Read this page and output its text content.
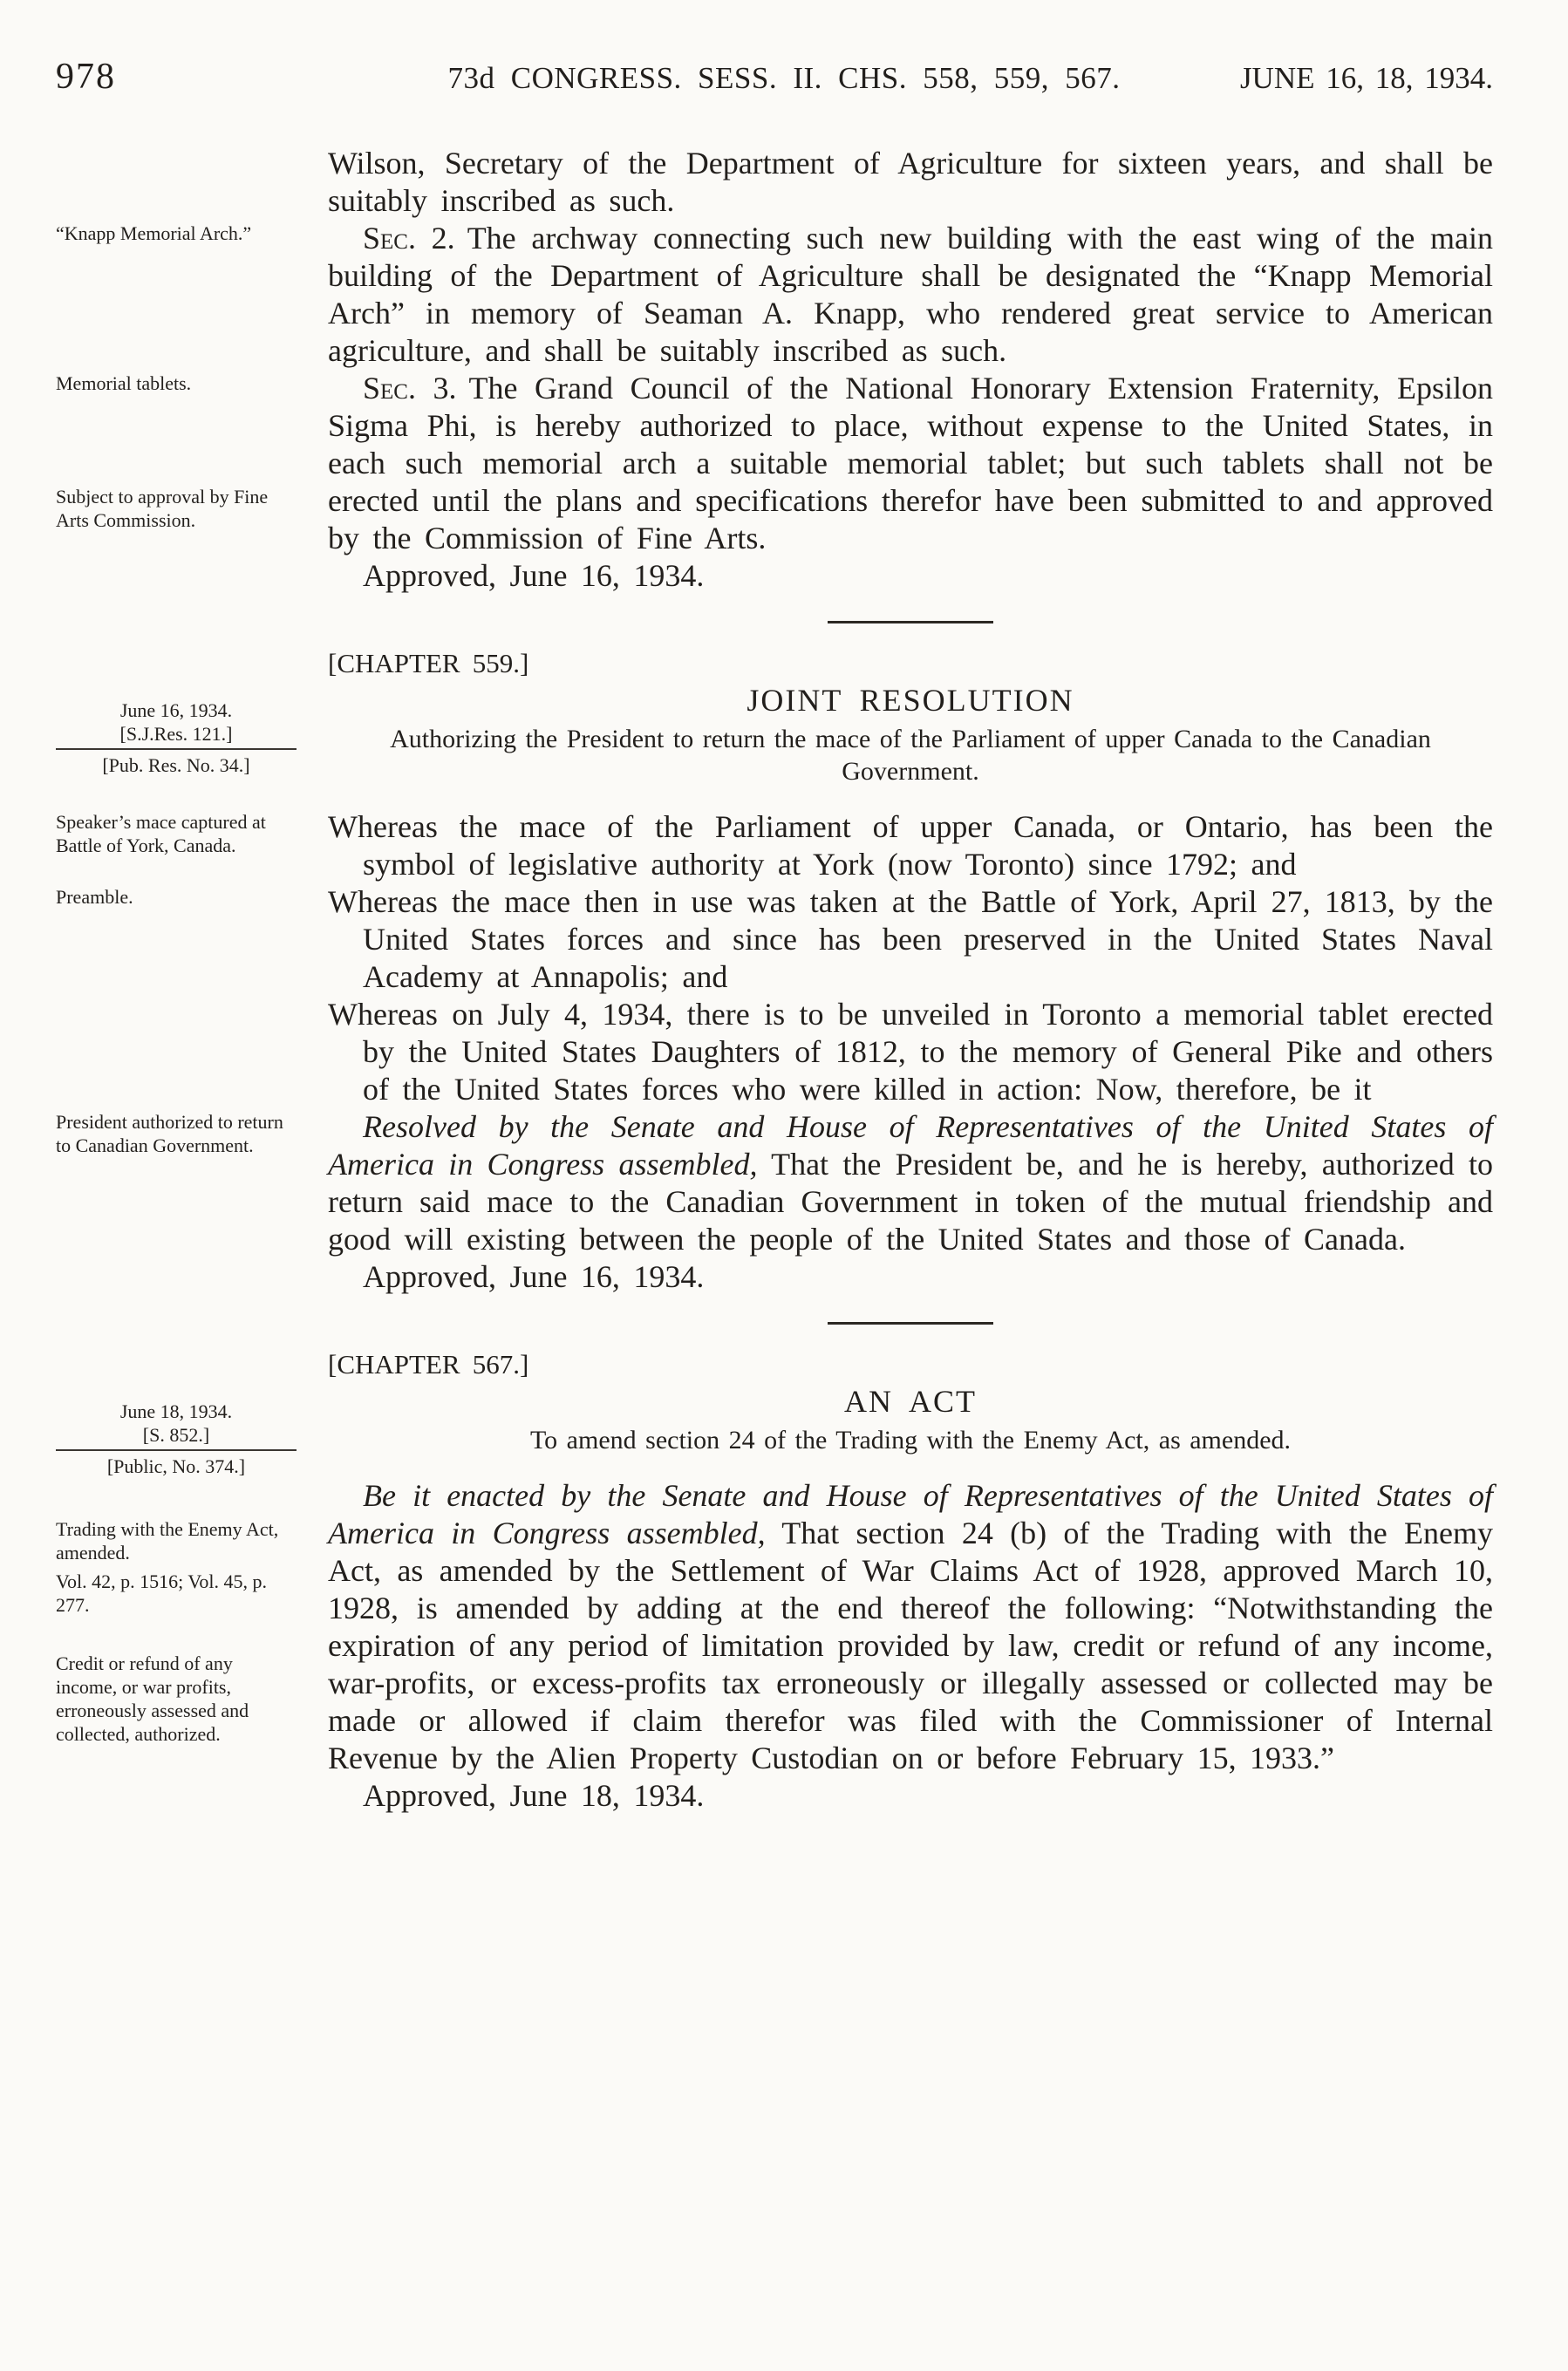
978	73d CONGRESS. SESS. II. CHS. 558, 559, 567.	JUNE 16, 18, 1934.

Wilson, Secretary of the Department of Agriculture for sixteen years, and shall be suitably inscribed as such.

“Knapp Memorial Arch.”	Sec. 2. The archway connecting such new building with the east wing of the main building of the Department of Agriculture shall be designated the “Knapp Memorial Arch” in memory of Seaman A. Knapp, who rendered great service to American agriculture, and shall be suitably inscribed as such.

Memorial tablets.
Subject to approval by Fine Arts Commission.
Sec. 3. The Grand Council of the National Honorary Extension Fraternity, Epsilon Sigma Phi, is hereby authorized to place, without expense to the United States, in each such memorial arch a suitable memorial tablet; but such tablets shall not be erected until the plans and specifications therefor have been submitted to and approved by the Commission of Fine Arts.

Approved, June 16, 1934.

[CHAPTER 559.]

JOINT RESOLUTION

June 16, 1934.
[S.J.Res. 121.]
[Pub. Res. No. 34.]
Authorizing the President to return the mace of the Parliament of upper Canada to the Canadian Government.

Speaker’s mace captured at Battle of York, Canada.
Whereas the mace of the Parliament of upper Canada, or Ontario, has been the symbol of legislative authority at York (now Toronto) since 1792; and

Preamble.	Whereas the mace then in use was taken at the Battle of York, April 27, 1813, by the United States forces and since has been preserved in the United States Naval Academy at Annapolis; and

Whereas on July 4, 1934, there is to be unveiled in Toronto a memorial tablet erected by the United States Daughters of 1812, to the memory of General Pike and others of the United States forces who were killed in action: Now, therefore, be it

President authorized to return to Canadian Government.
Resolved by the Senate and House of Representatives of the United States of America in Congress assembled, That the President be, and he is hereby, authorized to return said mace to the Canadian Government in token of the mutual friendship and good will existing between the people of the United States and those of Canada.

Approved, June 16, 1934.

[CHAPTER 567.]

AN ACT

June 18, 1934.
[S. 852.]
[Public, No. 374.]
To amend section 24 of the Trading with the Enemy Act, as amended.

Trading with the Enemy Act, amended.
Vol. 42, p. 1516; Vol. 45, p. 277.
Credit or refund of any income, or war profits, erroneously assessed and collected, authorized.
Be it enacted by the Senate and House of Representatives of the United States of America in Congress assembled, That section 24 (b) of the Trading with the Enemy Act, as amended by the Settlement of War Claims Act of 1928, approved March 10, 1928, is amended by adding at the end thereof the following: “Notwithstanding the expiration of any period of limitation provided by law, credit or refund of any income, war-profits, or excess-profits tax erroneously or illegally assessed or collected may be made or allowed if claim therefor was filed with the Commissioner of Internal Revenue by the Alien Property Custodian on or before February 15, 1933.”

Approved, June 18, 1934.
